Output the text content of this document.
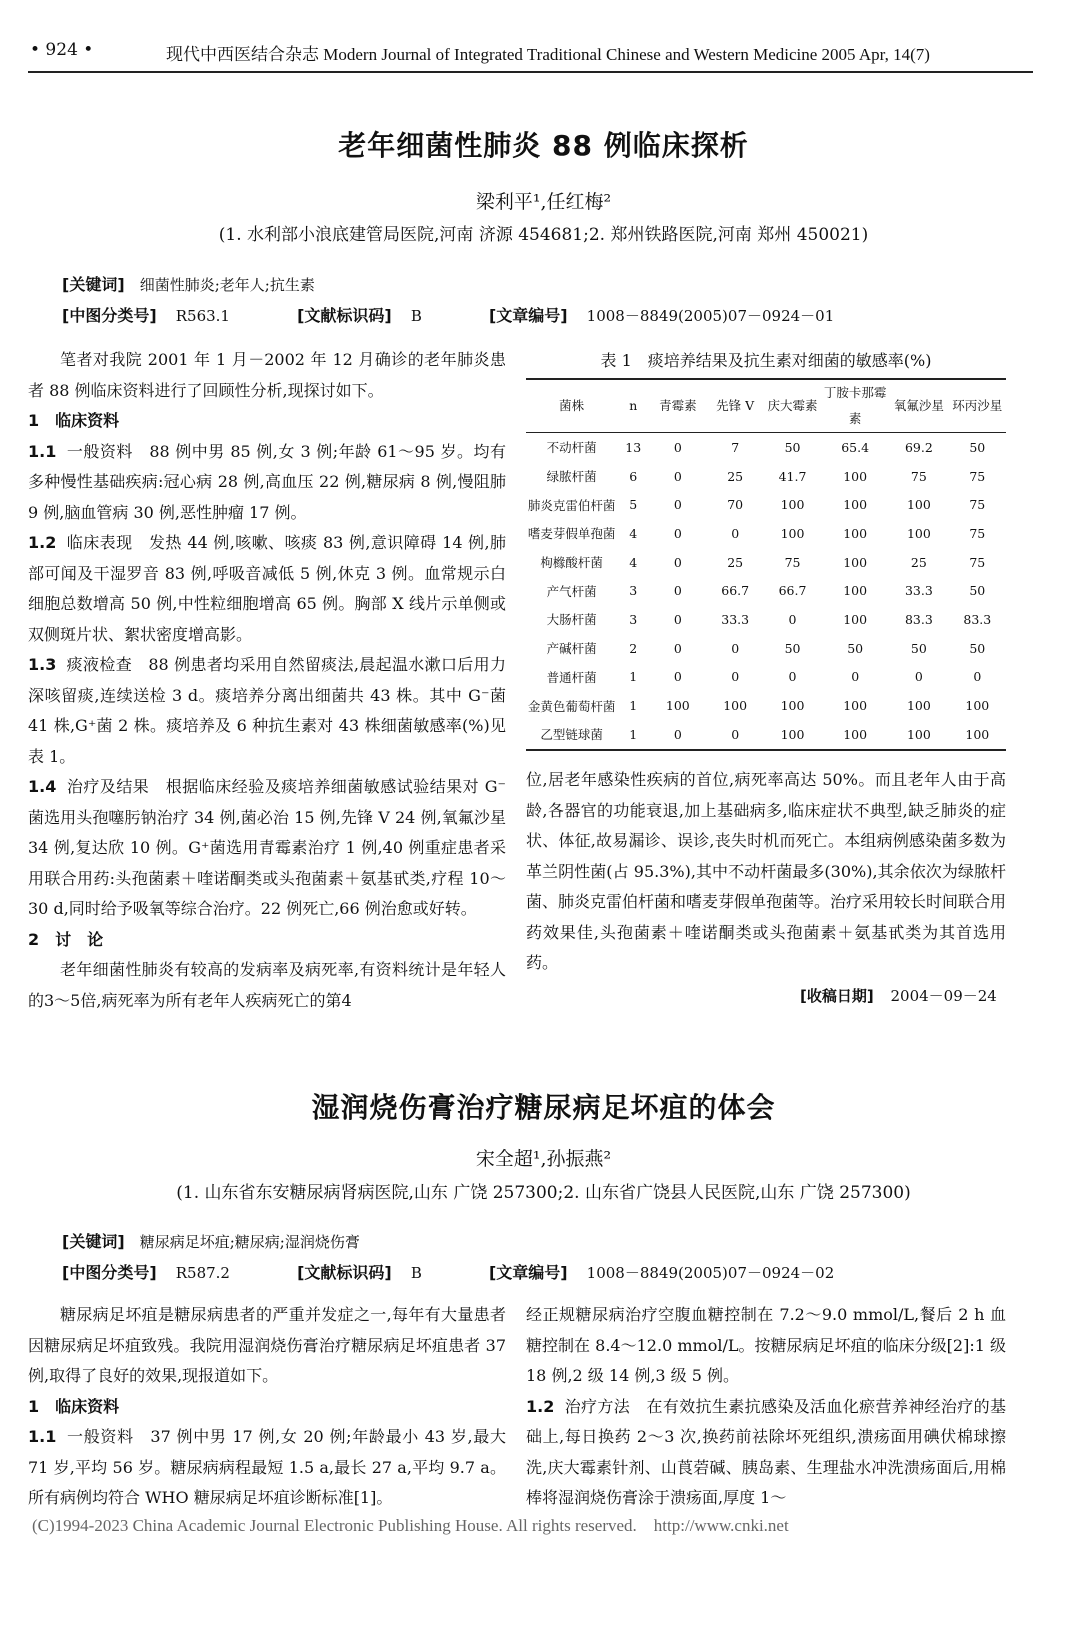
• 924 •	现代中西医结合杂志 Modern Journal of Integrated Traditional Chinese and Western Medicine 2005 Apr, 14(7)
老年细菌性肺炎 88 例临床探析
梁利平¹,任红梅²
(1. 水利部小浪底建管局医院,河南 济源 454681;2. 郑州铁路医院,河南 郑州 450021)
[关键词] 细菌性肺炎;老年人;抗生素
[中图分类号] R563.1	[文献标识码] B	[文章编号] 1008－8849(2005)07－0924－01

笔者对我院 2001 年 1 月－2002 年 12 月确诊的老年肺炎患者 88 例临床资料进行了回顾性分析,现探讨如下。

1　临床资料

1.1 一般资料　88 例中男 85 例,女 3 例;年龄 61～95 岁。均有多种慢性基础疾病:冠心病 28 例,高血压 22 例,糖尿病 8 例,慢阻肺 9 例,脑血管病 30 例,恶性肿瘤 17 例。

1.2 临床表现　发热 44 例,咳嗽、咳痰 83 例,意识障碍 14 例,肺部可闻及干湿罗音 83 例,呼吸音减低 5 例,休克 3 例。血常规示白细胞总数增高 50 例,中性粒细胞增高 65 例。胸部 X 线片示单侧或双侧斑片状、絮状密度增高影。

1.3 痰液检查　88 例患者均采用自然留痰法,晨起温水漱口后用力深咳留痰,连续送检 3 d。痰培养分离出细菌共 43 株。其中 G⁻菌 41 株,G⁺菌 2 株。痰培养及 6 种抗生素对 43 株细菌敏感率(%)见表 1。

1.4 治疗及结果　根据临床经验及痰培养细菌敏感试验结果对 G⁻菌选用头孢噻肟钠治疗 34 例,菌必治 15 例,先锋 V 24 例,氧氟沙星 34 例,复达欣 10 例。G⁺菌选用青霉素治疗 1 例,40 例重症患者采用联合用药:头孢菌素＋喹诺酮类或头孢菌素＋氨基甙类,疗程 10～30 d,同时给予吸氧等综合治疗。22 例死亡,66 例治愈或好转。

2　讨　论

老年细菌性肺炎有较高的发病率及病死率,有资料统计是年轻人的3～5倍,病死率为所有老年人疾病死亡的第4

表 1　痰培养结果及抗生素对细菌的敏感率(%)
菌株	n	青霉素	先锋 V	庆大霉素	丁胺卡那霉素	氧氟沙星	环丙沙星
不动杆菌	13	0	7	50	65.4	69.2	50
绿脓杆菌	6	0	25	41.7	100	75	75
肺炎克雷伯杆菌	5	0	70	100	100	100	75
嗜麦芽假单孢菌	4	0	0	100	100	100	75
枸橼酸杆菌	4	0	25	75	100	25	75
产气杆菌	3	0	66.7	66.7	100	33.3	50
大肠杆菌	3	0	33.3	0	100	83.3	83.3
产碱杆菌	2	0	0	50	50	50	50
普通杆菌	1	0	0	0	0	0	0
金黄色葡萄杆菌	1	100	100	100	100	100	100
乙型链球菌	1	0	0	100	100	100	100

位,居老年感染性疾病的首位,病死率高达 50%。而且老年人由于高龄,各器官的功能衰退,加上基础病多,临床症状不典型,缺乏肺炎的症状、体征,故易漏诊、误诊,丧失时机而死亡。本组病例感染菌多数为革兰阴性菌(占 95.3%),其中不动杆菌最多(30%),其余依次为绿脓杆菌、肺炎克雷伯杆菌和嗜麦芽假单孢菌等。治疗采用较长时间联合用药效果佳,头孢菌素＋喹诺酮类或头孢菌素＋氨基甙类为其首选用药。

[收稿日期] 2004－09－24
湿润烧伤膏治疗糖尿病足坏疽的体会
宋全超¹,孙振燕²
(1. 山东省东安糖尿病肾病医院,山东 广饶 257300;2. 山东省广饶县人民医院,山东 广饶 257300)
[关键词] 糖尿病足坏疽;糖尿病;湿润烧伤膏
[中图分类号] R587.2	[文献标识码] B	[文章编号] 1008－8849(2005)07－0924－02

糖尿病足坏疽是糖尿病患者的严重并发症之一,每年有大量患者因糖尿病足坏疽致残。我院用湿润烧伤膏治疗糖尿病足坏疽患者 37 例,取得了良好的效果,现报道如下。

1　临床资料

1.1 一般资料　37 例中男 17 例,女 20 例;年龄最小 43 岁,最大 71 岁,平均 56 岁。糖尿病病程最短 1.5 a,最长 27 a,平均 9.7 a。所有病例均符合 WHO 糖尿病足坏疽诊断标准[1]。

经正规糖尿病治疗空腹血糖控制在 7.2～9.0 mmol/L,餐后 2 h 血糖控制在 8.4～12.0 mmol/L。按糖尿病足坏疽的临床分级[2]:1 级 18 例,2 级 14 例,3 级 5 例。

1.2 治疗方法　在有效抗生素抗感染及活血化瘀营养神经治疗的基础上,每日换药 2～3 次,换药前祛除坏死组织,溃疡面用碘伏棉球擦洗,庆大霉素针剂、山莨菪碱、胰岛素、生理盐水冲洗溃疡面后,用棉棒将湿润烧伤膏涂于溃疡面,厚度 1～

(C)1994-2023 China Academic Journal Electronic Publishing House. All rights reserved.　http://www.cnki.net
